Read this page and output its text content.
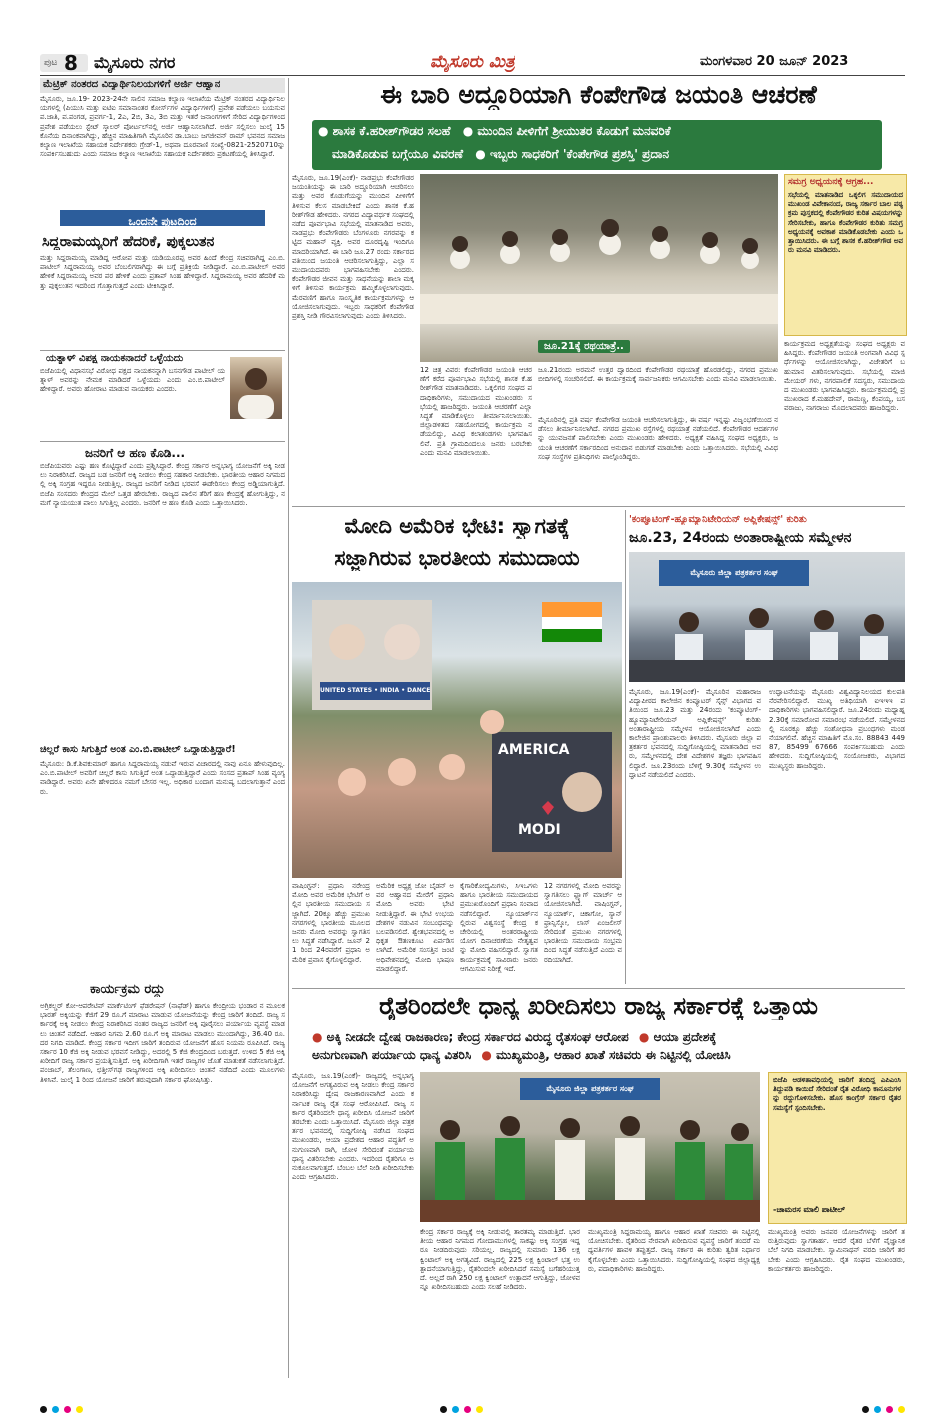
ಪುಟ 8 ಮೈಸೂರು ನಗರ	ಮೈಸೂರು ಮಿತ್ರ	ಮಂಗಳವಾರ 20 ಜೂನ್ 2023
ಮೆಟ್ರಿಕ್ ನಂತರದ ವಿದ್ಯಾರ್ಥಿನಿಲಯಗಳಿಗೆ ಅರ್ಜಿ ಆಹ್ವಾನ
ಮೈಸೂರು, ಜೂ.19- 2023-24ನೇ ಸಾಲಿನ ಸಮಾಜ ಕಲ್ಯಾಣ ಇಲಾಖೆಯ ಮೆಟ್ರಿಕ್ ನಂತರದ ವಿದ್ಯಾರ್ಥಿನಿಲಯಗಳಲ್ಲಿ (ಪಿಯುಸಿ ಮತ್ತು ಐಟಿಐ ಸಮಾನಾಂತರ ಕೋರ್ಸ್‌ಗಳ ವಿದ್ಯಾರ್ಥಿಗಳಿಗೆ) ಪ್ರವೇಶ ಪಡೆಯಲು ಬಯಸುವ ಪ.ಜಾತಿ, ಪ.ಪಂಗಡ, ಪ್ರವರ್ಗ-1, 2ಎ, 2ಬಿ, 3ಎ, 3ಬಿ ಮತ್ತು ಇತರೆ ಜನಾಂಗಗಳಿಗೆ ಸೇರಿದ ವಿದ್ಯಾರ್ಥಿಗಳಿಂದ ಪ್ರವೇಶ ಪಡೆಯಲು ಸ್ಟೇಟ್ ಸ್ಕಾಲರ್ ಪೋರ್ಟಲ್‌ನಲ್ಲಿ ಅರ್ಜಿ ಆಹ್ವಾನಿಸಲಾಗಿದೆ. ಅರ್ಜಿ ಸಲ್ಲಿಸಲು ಜುಲೈ 15 ಕೊನೆಯ ದಿನಾಂಕವಾಗಿದ್ದು, ಹೆಚ್ಚಿನ ಮಾಹಿತಿಗಾಗಿ ಮೈಸೂರಿನ ಡಾ.ಬಾಬು ಜಗಜೀವನ್ ರಾಮ್ ಭವನದ ಸಮಾಜ ಕಲ್ಯಾಣ ಇಲಾಖೆಯ ಸಹಾಯಕ ನಿರ್ದೇಶಕರು ಗ್ರೇಡ್-1, ಅಥವಾ ದೂರವಾಣಿ ಸಂಖ್ಯೆ-0821-2520710ನ್ನು ಸಂಪರ್ಕಿಸಬಹುದು ಎಂದು ಸಮಾಜ ಕಲ್ಯಾಣ ಇಲಾಖೆಯ ಸಹಾಯಕ ನಿರ್ದೇಶಕರು ಪ್ರಕಟಣೆಯಲ್ಲಿ ತಿಳಿಸಿದ್ದಾರೆ.
ಒಂದನೇ ಪುಟದಿಂದ
ಸಿದ್ದರಾಮಯ್ಯರಿಗೆ ಹೆದರಿಕೆ, ಪುಕ್ಕಲುತನ
ಮತ್ತು ಸಿದ್ದರಾಮಯ್ಯ ಮಾಡಿದ್ದ ಆರೋಪ ಮತ್ತು ಯಡಿಯೂರಪ್ಪ ಅವರ ಹಿಂದೆ ಕೇಂದ್ರ ಸಚಿವರಾಗಿದ್ದ ಎಂ.ಬಿ.ಪಾಟೀಲ್ ಸಿದ್ದರಾಮಯ್ಯ ಅವರ ಬೆಂಬಲಿಗರಾಗಿದ್ದು ಈ ಬಗ್ಗೆ ಪ್ರತಿಕ್ರಿಯೆ ನೀಡಿದ್ದಾರೆ. ಎಂ.ಬಿ.ಪಾಟೀಲ್ ಅವರ ಹೇಳಿಕೆ ಸಿದ್ದರಾಮಯ್ಯ ಅವರ ಪರ ಹೇಳಿಕೆ ಎಂದು ಪ್ರತಾಪ್ ಸಿಂಹ ಹೇಳಿದ್ದಾರೆ. ಸಿದ್ದರಾಮಯ್ಯ ಅವರ ಹೆದರಿಕೆ ಮತ್ತು ಪುಕ್ಕಲುತನ ಇದರಿಂದ ಗೊತ್ತಾಗುತ್ತದೆ ಎಂದು ಟೀಕಿಸಿದ್ದಾರೆ.
ಯತ್ನಾಳ್ ವಿಪಕ್ಷ ನಾಯಕನಾದರೆ ಒಳ್ಳೆಯದು
ಬಿಜೆಪಿಯಲ್ಲಿ ವಿಧಾನಸಭೆ ವಿರೋಧ ಪಕ್ಷದ ನಾಯಕನನ್ನಾಗಿ ಬಸನಗೌಡ ಪಾಟೀಲ್ ಯತ್ನಾಳ್ ಅವರನ್ನು ನೇಮಕ ಮಾಡಿದರೆ ಒಳ್ಳೆಯದು ಎಂದು ಎಂ.ಬಿ.ಪಾಟೀಲ್ ಹೇಳಿದ್ದಾರೆ. ಅವರು ಹೋರಾಟ ಮಾಡುವ ನಾಯಕರು ಎಂದರು.
ಜನರಿಗೆ ಆ ಹಣ ಕೊಡಿ...
ಬಿಜೆಪಿಯವರು ಎಷ್ಟು ಹಣ ಕೊಟ್ಟಿದ್ದಾರೆ ಎಂದು ಪ್ರಶ್ನಿಸಿದ್ದಾರೆ. ಕೇಂದ್ರ ಸರ್ಕಾರ ಅನ್ನಭಾಗ್ಯ ಯೋಜನೆಗೆ ಅಕ್ಕಿ ನೀಡಲು ನಿರಾಕರಿಸಿದೆ. ರಾಜ್ಯದ ಬಡ ಜನರಿಗೆ ಅಕ್ಕಿ ನೀಡಲು ಕೇಂದ್ರ ಸಹಕಾರ ನೀಡಬೇಕು. ಭಾರತೀಯ ಆಹಾರ ನಿಗಮದಲ್ಲಿ ಅಕ್ಕಿ ಸಂಗ್ರಹ ಇದ್ದರೂ ನೀಡುತ್ತಿಲ್ಲ. ರಾಜ್ಯದ ಜನರಿಗೆ ನೀಡಿದ ಭರವಸೆ ಈಡೇರಿಸಲು ಕೇಂದ್ರ ಅಡ್ಡಿಯಾಗುತ್ತಿದೆ. ಬಿಜೆಪಿ ಸಂಸದರು ಕೇಂದ್ರದ ಮೇಲೆ ಒತ್ತಡ ಹೇರಬೇಕು. ರಾಜ್ಯದ ಪಾಲಿನ ತೆರಿಗೆ ಹಣ ಕೇಂದ್ರಕ್ಕೆ ಹೋಗುತ್ತಿದ್ದು, ನಮಗೆ ನ್ಯಾಯಯುತ ಪಾಲು ಸಿಗುತ್ತಿಲ್ಲ ಎಂದರು. ಜನರಿಗೆ ಆ ಹಣ ಕೊಡಿ ಎಂದು ಒತ್ತಾಯಿಸಿದರು.
ಚಿಲ್ಲರೆ ಕಾಸು ಸಿಗುತ್ತಿದೆ ಅಂತ ಎಂ.ಬಿ.ಪಾಟೀಲ್ ಒದ್ದಾಡುತ್ತಿದ್ದಾರೆ!
ಮೈಸೂರು: ಡಿ.ಕೆ.ಶಿವಕುಮಾರ್ ಹಾಗೂ ಸಿದ್ದರಾಮಯ್ಯ ನಡುವೆ ಇರುವ ವಿಚಾರದಲ್ಲಿ ನಾವು ಏನೂ ಹೇಳುವುದಿಲ್ಲ. ಎಂ.ಬಿ.ಪಾಟೀಲ್ ಅವರಿಗೆ ಚಿಲ್ಲರೆ ಕಾಸು ಸಿಗುತ್ತಿದೆ ಅಂತ ಒದ್ದಾಡುತ್ತಿದ್ದಾರೆ ಎಂದು ಸಂಸದ ಪ್ರತಾಪ್ ಸಿಂಹ ವ್ಯಂಗ್ಯವಾಡಿದ್ದಾರೆ. ಅವರು ಏನೇ ಹೇಳಿದರೂ ನಮಗೆ ಬೇಸರ ಇಲ್ಲ. ಅಧಿಕಾರ ಬಂದಾಗ ಮನುಷ್ಯ ಬದಲಾಗುತ್ತಾನೆ ಎಂದರು.
ಕಾರ್ಯಕ್ರಮ ರದ್ದು
ಅಗ್ರಿಕಲ್ಚರ್ ಕೋ-ಆಪರೇಟಿವ್ ಮಾರ್ಕೆಟಿಂಗ್ ಫೆಡರೇಷನ್ (ನಾಫೆಡ್) ಹಾಗೂ ಕೇಂದ್ರೀಯ ಭಂಡಾರ ನ ಮೂಲಕ ಭಾರತ್ ಅಕ್ಕಿಯನ್ನು ಕೆಜಿಗೆ 29 ರೂ.ಗೆ ಮಾರಾಟ ಮಾಡುವ ಯೋಜನೆಯನ್ನು ಕೇಂದ್ರ ಜಾರಿಗೆ ತಂದಿದೆ. ರಾಜ್ಯ ಸರ್ಕಾರಕ್ಕೆ ಅಕ್ಕಿ ನೀಡಲು ಕೇಂದ್ರ ನಿರಾಕರಿಸಿದ ನಂತರ ರಾಜ್ಯದ ಜನರಿಗೆ ಅಕ್ಕಿ ಪೂರೈಸಲು ಪರ್ಯಾಯ ವ್ಯವಸ್ಥೆ ಮಾಡಲು ಚಿಂತನೆ ನಡೆದಿದೆ. ಆಹಾರ ನಿಗಮ 2.60 ರೂ.ಗೆ ಅಕ್ಕಿ ಮಾರಾಟ ಮಾಡಲು ಮುಂದಾಗಿದ್ದು, 36.40 ರೂ. ದರ ನಿಗದಿ ಮಾಡಿದೆ. ಕೇಂದ್ರ ಸರ್ಕಾರ ಇದೀಗ ಜಾರಿಗೆ ತಂದಿರುವ ಯೋಜನೆಗೆ ಹೊಸ ನಿಯಮ ರೂಪಿಸಿದೆ. ರಾಜ್ಯ ಸರ್ಕಾರ 10 ಕೆಜಿ ಅಕ್ಕಿ ನೀಡುವ ಭರವಸೆ ನೀಡಿದ್ದು, ಅದರಲ್ಲಿ 5 ಕೆಜಿ ಕೇಂದ್ರದಿಂದ ಬರುತ್ತದೆ. ಉಳಿದ 5 ಕೆಜಿ ಅಕ್ಕಿ ಖರೀದಿಗೆ ರಾಜ್ಯ ಸರ್ಕಾರ ಪ್ರಯತ್ನಿಸುತ್ತಿದೆ. ಅಕ್ಕಿ ಖರೀದಿಗಾಗಿ ಇತರೆ ರಾಜ್ಯಗಳ ಜೊತೆ ಮಾತುಕತೆ ನಡೆಸಲಾಗುತ್ತಿದೆ. ಪಂಜಾಬ್, ತೆಲಂಗಾಣ, ಛತ್ತೀಸ್‌ಗಢ ರಾಜ್ಯಗಳಿಂದ ಅಕ್ಕಿ ಖರೀದಿಸಲು ಚಿಂತನೆ ನಡೆದಿದೆ ಎಂದು ಮೂಲಗಳು ತಿಳಿಸಿವೆ. ಜುಲೈ 1 ರಿಂದ ಯೋಜನೆ ಜಾರಿಗೆ ತರುವುದಾಗಿ ಸರ್ಕಾರ ಘೋಷಿಸಿತ್ತು.
ಈ ಬಾರಿ ಅದ್ಧೂರಿಯಾಗಿ ಕೆಂಪೇಗೌಡ ಜಯಂತಿ ಆಚರಣೆ
● ಶಾಸಕ ಕೆ.ಹರೀಶ್‌ಗೌಡರ ಸಲಹೆ ● ಮುಂದಿನ ಪೀಳಿಗೆಗೆ ಶ್ರೀಯುತರ ಕೊಡುಗೆ ಮನವರಿಕೆ
ಮಾಡಿಕೊಡುವ ಬಗ್ಗೆಯೂ ವಿವರಣೆ ● ಇಬ್ಬರು ಸಾಧಕರಿಗೆ 'ಕೆಂಪೇಗೌಡ ಪ್ರಶಸ್ತಿ' ಪ್ರದಾನ
ಮೈಸೂರು, ಜೂ.19(ಎಂಕೆ)- ನಾಡಪ್ರಭು ಕೆಂಪೇಗೌಡರ ಜಯಂತಿಯನ್ನು ಈ ಬಾರಿ ಅದ್ಧೂರಿಯಾಗಿ ಆಚರಿಸಲು ಮತ್ತು ಅವರ ಕೊಡುಗೆಯನ್ನು ಮುಂದಿನ ಪೀಳಿಗೆಗೆ ತಿಳಿಸುವ ಕೆಲಸ ಮಾಡಬೇಕಿದೆ ಎಂದು ಶಾಸಕ ಕೆ.ಹರೀಶ್‌ಗೌಡ ಹೇಳಿದರು. ನಗರದ ವಿದ್ಯಾವರ್ಧಕ ಸಂಘದಲ್ಲಿ ನಡೆದ ಪೂರ್ವಭಾವಿ ಸಭೆಯಲ್ಲಿ ಮಾತನಾಡಿದ ಅವರು, ನಾಡಪ್ರಭು ಕೆಂಪೇಗೌಡರು ಬೆಂಗಳೂರು ನಗರವನ್ನು ಕಟ್ಟಿದ ಮಹಾನ್ ವ್ಯಕ್ತಿ. ಅವರ ದೂರದೃಷ್ಟಿ ಇಂದಿಗೂ ಮಾದರಿಯಾಗಿದೆ. ಈ ಬಾರಿ ಜೂ.27 ರಂದು ಸರ್ಕಾರದ ವತಿಯಿಂದ ಜಯಂತಿ ಆಚರಿಸಲಾಗುತ್ತಿದ್ದು, ಎಲ್ಲಾ ಸಮುದಾಯದವರು ಭಾಗವಹಿಸಬೇಕು ಎಂದರು. ಕೆಂಪೇಗೌಡರ ಜೀವನ ಮತ್ತು ಸಾಧನೆಯನ್ನು ಶಾಲಾ ಮಕ್ಕಳಿಗೆ ತಿಳಿಸುವ ಕಾರ್ಯಕ್ರಮ ಹಮ್ಮಿಕೊಳ್ಳಲಾಗುವುದು. ಮೆರವಣಿಗೆ ಹಾಗೂ ಸಾಂಸ್ಕೃತಿಕ ಕಾರ್ಯಕ್ರಮಗಳನ್ನು ಆಯೋಜಿಸಲಾಗುವುದು. ಇಬ್ಬರು ಸಾಧಕರಿಗೆ ಕೆಂಪೇಗೌಡ ಪ್ರಶಸ್ತಿ ನೀಡಿ ಗೌರವಿಸಲಾಗುವುದು ಎಂದು ತಿಳಿಸಿದರು.
ಜೂ.21ಕ್ಕೆ ರಥಯಾತ್ರೆ..
ಜೂ.21ರಂದು ಅರಮನೆ ಉತ್ತರ ದ್ವಾರದಿಂದ ಕೆಂಪೇಗೌಡರ ರಥಯಾತ್ರೆ ಹೊರಡಲಿದ್ದು, ನಗರದ ಪ್ರಮುಖ ಬೀದಿಗಳಲ್ಲಿ ಸಂಚರಿಸಲಿದೆ. ಈ ಕಾರ್ಯಕ್ರಮಕ್ಕೆ ಸಾರ್ವಜನಿಕರು ಆಗಮಿಸಬೇಕು ಎಂದು ಮನವಿ ಮಾಡಲಾಯಿತು.
12 ಚಿತ್ರ ವಿವರ: ಕೆಂಪೇಗೌಡರ ಜಯಂತಿ ಆಚರಣೆಗೆ ಕರೆದ ಪೂರ್ವಭಾವಿ ಸಭೆಯಲ್ಲಿ ಶಾಸಕ ಕೆ.ಹರೀಶ್‌ಗೌಡ ಮಾತನಾಡಿದರು. ಒಕ್ಕಲಿಗರ ಸಂಘದ ಪದಾಧಿಕಾರಿಗಳು, ಸಮುದಾಯದ ಮುಖಂಡರು ಸಭೆಯಲ್ಲಿ ಹಾಜರಿದ್ದರು. ಜಯಂತಿ ಆಚರಣೆಗೆ ಎಲ್ಲಾ ಸಿದ್ಧತೆ ಮಾಡಿಕೊಳ್ಳಲು ತೀರ್ಮಾನಿಸಲಾಯಿತು. ಜಿಲ್ಲಾಡಳಿತದ ಸಹಯೋಗದಲ್ಲಿ ಕಾರ್ಯಕ್ರಮ ನಡೆಯಲಿದ್ದು, ವಿವಿಧ ಕಲಾತಂಡಗಳು ಭಾಗವಹಿಸಲಿವೆ. ಪ್ರತಿ ಗ್ರಾಮದಿಂದಲೂ ಜನರು ಬರಬೇಕು ಎಂದು ಮನವಿ ಮಾಡಲಾಯಿತು.
ಮೈಸೂರಿನಲ್ಲಿ ಪ್ರತಿ ವರ್ಷ ಕೆಂಪೇಗೌಡ ಜಯಂತಿ ಆಚರಿಸಲಾಗುತ್ತಿದ್ದು, ಈ ವರ್ಷ ಇನ್ನಷ್ಟು ವಿಜೃಂಭಣೆಯಿಂದ ನಡೆಸಲು ತೀರ್ಮಾನಿಸಲಾಗಿದೆ. ನಗರದ ಪ್ರಮುಖ ರಸ್ತೆಗಳಲ್ಲಿ ರಥಯಾತ್ರೆ ನಡೆಯಲಿದೆ. ಕೆಂಪೇಗೌಡರ ಆದರ್ಶಗಳನ್ನು ಯುವಜನತೆ ಪಾಲಿಸಬೇಕು ಎಂದು ಮುಖಂಡರು ಹೇಳಿದರು. ಅಧ್ಯಕ್ಷತೆ ವಹಿಸಿದ್ದ ಸಂಘದ ಅಧ್ಯಕ್ಷರು, ಜಯಂತಿ ಆಚರಣೆಗೆ ಸರ್ಕಾರದಿಂದ ಅನುದಾನ ಬಿಡುಗಡೆ ಮಾಡಬೇಕು ಎಂದು ಒತ್ತಾಯಿಸಿದರು. ಸಭೆಯಲ್ಲಿ ವಿವಿಧ ಸಂಘ ಸಂಸ್ಥೆಗಳ ಪ್ರತಿನಿಧಿಗಳು ಪಾಲ್ಗೊಂಡಿದ್ದರು.
ಸಮಗ್ರ ಅಧ್ಯಯನಕ್ಕೆ ಆಗ್ರಹ...
ಸಭೆಯಲ್ಲಿ ಮಾತನಾಡಿದ ಒಕ್ಕಲಿಗ ಸಮುದಾಯದ ಮುಖಂಡ ವಿವೇಕಾನಂದ, ರಾಜ್ಯ ಸರ್ಕಾರ ಬಾಲ ಪಠ್ಯಕ್ರಮ ಪುಸ್ತಕದಲ್ಲಿ ಕೆಂಪೇಗೌಡರ ಕುರಿತ ವಿಷಯಗಳನ್ನು ಸೇರಿಸಬೇಕು, ಹಾಗೂ ಕೆಂಪೇಗೌಡರ ಕುರಿತು ಸಮಗ್ರ ಅಧ್ಯಯನಕ್ಕೆ ಅವಕಾಶ ಮಾಡಿಕೊಡಬೇಕು ಎಂದು ಒತ್ತಾಯಿಸಿದರು. ಈ ಬಗ್ಗೆ ಶಾಸಕ ಕೆ.ಹರೀಶ್‌ಗೌಡ ಅವರು ಮನವಿ ಮಾಡಿದರು.
ಕಾರ್ಯಕ್ರಮದ ಅಧ್ಯಕ್ಷತೆಯನ್ನು ಸಂಘದ ಅಧ್ಯಕ್ಷರು ವಹಿಸಿದ್ದರು. ಕೆಂಪೇಗೌಡರ ಜಯಂತಿ ಅಂಗವಾಗಿ ವಿವಿಧ ಸ್ಪರ್ಧೆಗಳನ್ನು ಆಯೋಜಿಸಲಾಗಿದ್ದು, ವಿಜೇತರಿಗೆ ಬಹುಮಾನ ವಿತರಿಸಲಾಗುವುದು. ಸಭೆಯಲ್ಲಿ ಮಾಜಿ ಮೇಯರ್ ಗಳು, ನಗರಪಾಲಿಕೆ ಸದಸ್ಯರು, ಸಮುದಾಯದ ಮುಖಂಡರು ಭಾಗವಹಿಸಿದ್ದರು. ಕಾರ್ಯಕ್ರಮದಲ್ಲಿ ಪ್ರಮುಖರಾದ ಕೆ.ಮಹದೇವ್, ರಾಮಣ್ಣ, ಕೆಂಪಯ್ಯ, ಬಸವರಾಜು, ನಾಗರಾಜು ಮೊದಲಾದವರು ಹಾಜರಿದ್ದರು.
ಮೋದಿ ಅಮೆರಿಕ ಭೇಟಿ: ಸ್ವಾಗತಕ್ಕೆ
ಸಜ್ಜಾಗಿರುವ ಭಾರತೀಯ ಸಮುದಾಯ
UNITED STATES • INDIA • DANCE
AMERICA
MODI
ವಾಷಿಂಗ್ಟನ್: ಪ್ರಧಾನಿ ನರೇಂದ್ರ ಮೋದಿ ಅವರ ಅಮೆರಿಕ ಭೇಟಿಗೆ ಅಲ್ಲಿನ ಭಾರತೀಯ ಸಮುದಾಯ ಸಜ್ಜಾಗಿದೆ. 20ಕ್ಕೂ ಹೆಚ್ಚು ಪ್ರಮುಖ ನಗರಗಳಲ್ಲಿ ಭಾರತೀಯ ಮೂಲದ ಜನರು ಮೋದಿ ಅವರನ್ನು ಸ್ವಾಗತಿಸಲು ಸಿದ್ಧತೆ ನಡೆಸಿದ್ದಾರೆ. ಜೂನ್ 21 ರಿಂದ 24ರವರೆಗೆ ಪ್ರಧಾನಿ ಅಮೆರಿಕ ಪ್ರವಾಸ ಕೈಗೊಳ್ಳಲಿದ್ದಾರೆ.
ಅಮೆರಿಕ ಅಧ್ಯಕ್ಷ ಜೋ ಬೈಡನ್ ಅವರ ಆಹ್ವಾನದ ಮೇರೆಗೆ ಪ್ರಧಾನಿ ಮೋದಿ ಅವರು ಭೇಟಿ ನೀಡುತ್ತಿದ್ದಾರೆ. ಈ ಭೇಟಿ ಉಭಯ ದೇಶಗಳ ನಡುವಿನ ಸಂಬಂಧವನ್ನು ಬಲಪಡಿಸಲಿದೆ. ಶ್ವೇತಭವನದಲ್ಲಿ ಅಧಿಕೃತ ಔತಣಕೂಟ ಏರ್ಪಡಿಸಲಾಗಿದೆ. ಅಮೆರಿಕ ಸಂಸತ್ತಿನ ಜಂಟಿ ಅಧಿವೇಶನದಲ್ಲಿ ಮೋದಿ ಭಾಷಣ ಮಾಡಲಿದ್ದಾರೆ.
ಕೈಗಾರಿಕೋದ್ಯಮಿಗಳು, ಸಿಇಒಗಳು ಹಾಗೂ ಭಾರತೀಯ ಸಮುದಾಯದ ಪ್ರಮುಖರೊಂದಿಗೆ ಪ್ರಧಾನಿ ಸಂವಾದ ನಡೆಸಲಿದ್ದಾರೆ. ನ್ಯೂಯಾರ್ಕ್‌ನಲ್ಲಿರುವ ವಿಶ್ವಸಂಸ್ಥೆ ಕೇಂದ್ರ ಕಚೇರಿಯಲ್ಲಿ ಅಂತರರಾಷ್ಟ್ರೀಯ ಯೋಗ ದಿನಾಚರಣೆಯ ನೇತೃತ್ವವನ್ನು ಮೋದಿ ವಹಿಸಲಿದ್ದಾರೆ. ಸ್ವಾಗತ ಕಾರ್ಯಕ್ರಮಕ್ಕೆ ಸಾವಿರಾರು ಜನರು ಆಗಮಿಸುವ ನಿರೀಕ್ಷೆ ಇದೆ.
12 ನಗರಗಳಲ್ಲಿ ಮೋದಿ ಅವರನ್ನು ಸ್ವಾಗತಿಸಲು ಫ್ಲ್ಯಾಗ್ ಮಾರ್ಚ್ ಆಯೋಜಿಸಲಾಗಿದೆ. ವಾಷಿಂಗ್ಟನ್, ನ್ಯೂಯಾರ್ಕ್, ಚಿಕಾಗೋ, ಸ್ಯಾನ್ ಫ್ರಾನ್ಸಿಸ್ಕೋ, ಲಾಸ್ ಏಂಜಲೀಸ್ ಸೇರಿದಂತೆ ಪ್ರಮುಖ ನಗರಗಳಲ್ಲಿ ಭಾರತೀಯ ಸಮುದಾಯ ಸಂಭ್ರಮದಿಂದ ಸಿದ್ಧತೆ ನಡೆಸುತ್ತಿದೆ ಎಂದು ವರದಿಯಾಗಿದೆ.
'ಕಂಪ್ಯೂಟಿಂಗ್-ಹ್ಯೂಮ್ಯಾನಿಟೇರಿಯನ್ ಅಪ್ಲಿಕೇಷನ್ಸ್' ಕುರಿತು
ಜೂ.23, 24ರಂದು ಅಂತಾರಾಷ್ಟ್ರೀಯ ಸಮ್ಮೇಳನ
ಮೈಸೂರು ಜಿಲ್ಲಾ ಪತ್ರಕರ್ತರ ಸಂಘ
ಮೈಸೂರು, ಜೂ.19(ಎಂಕೆ)- ಮೈಸೂರಿನ ಮಹಾರಾಜ ವಿದ್ಯಾಪೀಠದ ಕಾಲೇಜಿನ ಕಂಪ್ಯೂಟರ್ ಸೈನ್ಸ್ ವಿಭಾಗದ ವತಿಯಿಂದ ಜೂ.23 ಮತ್ತು 24ರಂದು 'ಕಂಪ್ಯೂಟಿಂಗ್-ಹ್ಯೂಮ್ಯಾನಿಟೇರಿಯನ್ ಅಪ್ಲಿಕೇಷನ್ಸ್' ಕುರಿತು ಅಂತಾರಾಷ್ಟ್ರೀಯ ಸಮ್ಮೇಳನ ಆಯೋಜಿಸಲಾಗಿದೆ ಎಂದು ಕಾಲೇಜಿನ ಪ್ರಾಂಶುಪಾಲರು ತಿಳಿಸಿದರು. ಮೈಸೂರು ಜಿಲ್ಲಾ ಪತ್ರಕರ್ತರ ಭವನದಲ್ಲಿ ಸುದ್ದಿಗೋಷ್ಠಿಯಲ್ಲಿ ಮಾತನಾಡಿದ ಅವರು, ಸಮ್ಮೇಳನದಲ್ಲಿ ದೇಶ ವಿದೇಶಗಳ ತಜ್ಞರು ಭಾಗವಹಿಸಲಿದ್ದಾರೆ. ಜೂ.23ರಂದು ಬೆಳಿಗ್ಗೆ 9.30ಕ್ಕೆ ಸಮ್ಮೇಳನ ಉದ್ಘಾಟನೆ ನಡೆಯಲಿದೆ ಎಂದರು.
ಉದ್ಘಾಟನೆಯನ್ನು ಮೈಸೂರು ವಿಶ್ವವಿದ್ಯಾನಿಲಯದ ಕುಲಪತಿ ನೆರವೇರಿಸಲಿದ್ದಾರೆ. ಮುಖ್ಯ ಅತಿಥಿಯಾಗಿ ಐಇಇಇ ಪದಾಧಿಕಾರಿಗಳು ಭಾಗವಹಿಸಲಿದ್ದಾರೆ. ಜೂ.24ರಂದು ಮಧ್ಯಾಹ್ನ 2.30ಕ್ಕೆ ಸಮಾರೋಪ ಸಮಾರಂಭ ನಡೆಯಲಿದೆ. ಸಮ್ಮೇಳನದಲ್ಲಿ ನೂರಕ್ಕೂ ಹೆಚ್ಚು ಸಂಶೋಧನಾ ಪ್ರಬಂಧಗಳು ಮಂಡನೆಯಾಗಲಿವೆ. ಹೆಚ್ಚಿನ ಮಾಹಿತಿಗೆ ಮೊ.ಸಂ. 88843 44987, 85499 67666 ಸಂಪರ್ಕಿಸಬಹುದು ಎಂದು ಹೇಳಿದರು. ಸುದ್ದಿಗೋಷ್ಠಿಯಲ್ಲಿ ಸಂಯೋಜಕರು, ವಿಭಾಗದ ಮುಖ್ಯಸ್ಥರು ಹಾಜರಿದ್ದರು.
ರೈತರಿಂದಲೇ ಧಾನ್ಯ ಖರೀದಿಸಲು ರಾಜ್ಯ ಸರ್ಕಾರಕ್ಕೆ ಒತ್ತಾಯ
● ಅಕ್ಕಿ ನೀಡದೇ ದ್ವೇಷ ರಾಜಕಾರಣ; ಕೇಂದ್ರ ಸರ್ಕಾರದ ವಿರುದ್ಧ ರೈತಸಂಘ ಆರೋಪ ● ಆಯಾ ಪ್ರದೇಶಕ್ಕೆ
ಅನುಗುಣವಾಗಿ ಪರ್ಯಾಯ ಧಾನ್ಯ ವಿತರಿಸಿ ● ಮುಖ್ಯಮಂತ್ರಿ, ಆಹಾರ ಖಾತೆ ಸಚಿವರು ಈ ನಿಟ್ಟಿನಲ್ಲಿ ಯೋಚಿಸಿ
ಮೈಸೂರು, ಜೂ.19(ಎಂಕೆ)- ರಾಜ್ಯದಲ್ಲಿ ಅನ್ನಭಾಗ್ಯ ಯೋಜನೆಗೆ ಅಗತ್ಯವಿರುವ ಅಕ್ಕಿ ನೀಡಲು ಕೇಂದ್ರ ಸರ್ಕಾರ ನಿರಾಕರಿಸಿದ್ದು ದ್ವೇಷ ರಾಜಕಾರಣವಾಗಿದೆ ಎಂದು ಕರ್ನಾಟಕ ರಾಜ್ಯ ರೈತ ಸಂಘ ಆರೋಪಿಸಿದೆ. ರಾಜ್ಯ ಸರ್ಕಾರ ರೈತರಿಂದಲೇ ಧಾನ್ಯ ಖರೀದಿಸಿ ಯೋಜನೆ ಜಾರಿಗೆ ತರಬೇಕು ಎಂದು ಒತ್ತಾಯಿಸಿದೆ. ಮೈಸೂರು ಜಿಲ್ಲಾ ಪತ್ರಕರ್ತರ ಭವನದಲ್ಲಿ ಸುದ್ದಿಗೋಷ್ಠಿ ನಡೆಸಿದ ಸಂಘದ ಮುಖಂಡರು, ಆಯಾ ಪ್ರದೇಶದ ಆಹಾರ ಪದ್ಧತಿಗೆ ಅನುಗುಣವಾಗಿ ರಾಗಿ, ಜೋಳ ಸೇರಿದಂತೆ ಪರ್ಯಾಯ ಧಾನ್ಯ ವಿತರಿಸಬೇಕು ಎಂದರು. ಇದರಿಂದ ರೈತರಿಗೂ ಅನುಕೂಲವಾಗುತ್ತದೆ. ಬೆಂಬಲ ಬೆಲೆ ನೀಡಿ ಖರೀದಿಸಬೇಕು ಎಂದು ಆಗ್ರಹಿಸಿದರು.
ಮೈಸೂರು ಜಿಲ್ಲಾ ಪತ್ರಕರ್ತರ ಸಂಘ
ಕೇಂದ್ರ ಸರ್ಕಾರ ರಾಜ್ಯಕ್ಕೆ ಅಕ್ಕಿ ನೀಡುವಲ್ಲಿ ತಾರತಮ್ಯ ಮಾಡುತ್ತಿದೆ. ಭಾರತೀಯ ಆಹಾರ ನಿಗಮದ ಗೋದಾಮುಗಳಲ್ಲಿ ಸಾಕಷ್ಟು ಅಕ್ಕಿ ಸಂಗ್ರಹ ಇದ್ದರೂ ನೀಡದಿರುವುದು ಸರಿಯಲ್ಲ. ರಾಜ್ಯದಲ್ಲಿ ಸುಮಾರು 136 ಲಕ್ಷ ಕ್ವಿಂಟಾಲ್ ಅಕ್ಕಿ ಅಗತ್ಯವಿದೆ. ರಾಜ್ಯದಲ್ಲಿ 225 ಲಕ್ಷ ಕ್ವಿಂಟಾಲ್ ಭತ್ತ ಉತ್ಪಾದನೆಯಾಗುತ್ತಿದ್ದು, ರೈತರಿಂದಲೇ ಖರೀದಿಸಿದರೆ ಸಮಸ್ಯೆ ಬಗೆಹರಿಯುತ್ತದೆ. ಅಲ್ಲದೆ ರಾಗಿ 250 ಲಕ್ಷ ಕ್ವಿಂಟಾಲ್ ಉತ್ಪಾದನೆ ಆಗುತ್ತಿದ್ದು, ಜೋಳವನ್ನೂ ಖರೀದಿಸಬಹುದು ಎಂದು ಸಲಹೆ ನೀಡಿದರು.
ಮುಖ್ಯಮಂತ್ರಿ ಸಿದ್ದರಾಮಯ್ಯ ಹಾಗೂ ಆಹಾರ ಖಾತೆ ಸಚಿವರು ಈ ನಿಟ್ಟಿನಲ್ಲಿ ಯೋಚಿಸಬೇಕು. ರೈತರಿಂದ ನೇರವಾಗಿ ಖರೀದಿಸುವ ವ್ಯವಸ್ಥೆ ಜಾರಿಗೆ ತಂದರೆ ಮಧ್ಯವರ್ತಿಗಳ ಹಾವಳಿ ತಪ್ಪುತ್ತದೆ. ರಾಜ್ಯ ಸರ್ಕಾರ ಈ ಕುರಿತು ತ್ವರಿತ ನಿರ್ಧಾರ ಕೈಗೊಳ್ಳಬೇಕು ಎಂದು ಒತ್ತಾಯಿಸಿದರು. ಸುದ್ದಿಗೋಷ್ಠಿಯಲ್ಲಿ ಸಂಘದ ಜಿಲ್ಲಾಧ್ಯಕ್ಷರು, ಪದಾಧಿಕಾರಿಗಳು ಹಾಜರಿದ್ದರು.
ಬಿಜೆಪಿ ಆಡಳಿತಾವಧಿಯಲ್ಲಿ ಜಾರಿಗೆ ತಂದಿದ್ದ ಎಪಿಎಂಸಿ ತಿದ್ದುಪಡಿ ಕಾಯಿದೆ ಸೇರಿದಂತೆ ರೈತ ವಿರೋಧಿ ಕಾನೂನುಗಳನ್ನು ರದ್ದುಗೊಳಿಸಬೇಕು. ಹೊಸ ಕಾಂಗ್ರೆಸ್ ಸರ್ಕಾರ ರೈತರ ಸಮಸ್ಯೆಗೆ ಸ್ಪಂದಿಸಬೇಕು.
-ಚಾಮರಸ ಮಾಲಿ ಪಾಟೀಲ್
ಮುಖ್ಯಮಂತ್ರಿ ಅವರು ಜನಪರ ಯೋಜನೆಗಳನ್ನು ಜಾರಿಗೆ ತರುತ್ತಿರುವುದು ಸ್ವಾಗತಾರ್ಹ. ಆದರೆ ರೈತರ ಬೆಳೆಗೆ ವೈಜ್ಞಾನಿಕ ಬೆಲೆ ನಿಗದಿ ಮಾಡಬೇಕು. ಸ್ವಾಮಿನಾಥನ್ ವರದಿ ಜಾರಿಗೆ ತರಬೇಕು ಎಂದು ಆಗ್ರಹಿಸಿದರು. ರೈತ ಸಂಘದ ಮುಖಂಡರು, ಕಾರ್ಯಕರ್ತರು ಹಾಜರಿದ್ದರು.
